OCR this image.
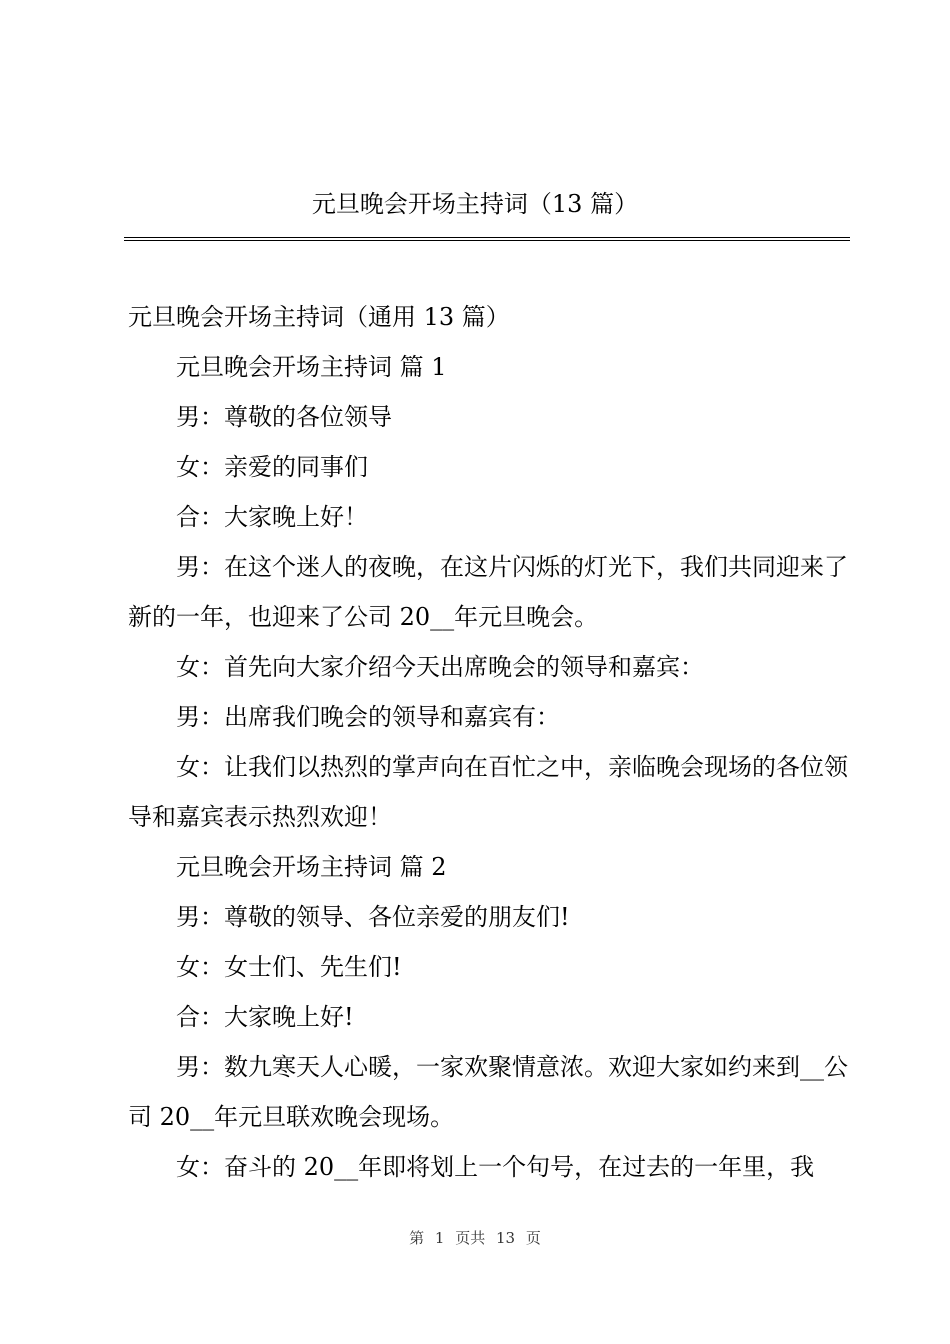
元旦晚会开场主持词（13 篇）

元旦晚会开场主持词（通用 13 篇）

元旦晚会开场主持词 篇 1

男：尊敬的各位领导

女：亲爱的同事们

合：大家晚上好！

男：在这个迷人的夜晚，在这片闪烁的灯光下，我们共同迎来了新的一年，也迎来了公司 20__年元旦晚会。

女：首先向大家介绍今天出席晚会的领导和嘉宾：

男：出席我们晚会的领导和嘉宾有：

女：让我们以热烈的掌声向在百忙之中，亲临晚会现场的各位领导和嘉宾表示热烈欢迎！

元旦晚会开场主持词 篇 2

男：尊敬的领导、各位亲爱的朋友们!

女：女士们、先生们!

合：大家晚上好!

男：数九寒天人心暖，一家欢聚情意浓。欢迎大家如约来到__公司 20__年元旦联欢晚会现场。

女：奋斗的 20__年即将划上一个句号，在过去的一年里，我

第 1 页共 13 页
